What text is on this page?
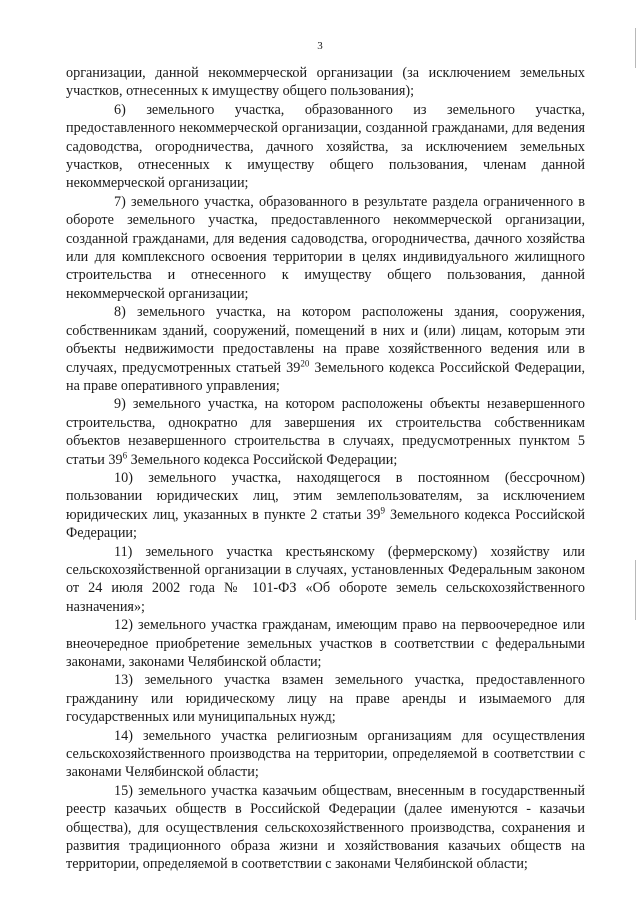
3

организации, данной некоммерческой организации (за исключением земельных участков, отнесенных к имуществу общего пользования);

6) земельного участка, образованного из земельного участка, предоставленного некоммерческой организации, созданной гражданами, для ведения садоводства, огородничества, дачного хозяйства, за исключением земельных участков, отнесенных к имуществу общего пользования, членам данной некоммерческой организации;

7) земельного участка, образованного в результате раздела ограниченного в обороте земельного участка, предоставленного некоммерческой организации, созданной гражданами, для ведения садоводства, огородничества, дачного хозяйства или для комплексного освоения территории в целях индивидуального жилищного строительства и отнесенного к имуществу общего пользования, данной некоммерческой организации;

8) земельного участка, на котором расположены здания, сооружения, собственникам зданий, сооружений, помещений в них и (или) лицам, которым эти объекты недвижимости предоставлены на праве хозяйственного ведения или в случаях, предусмотренных статьей $39^{20}$ Земельного кодекса Российской Федерации, на праве оперативного управления;

9) земельного участка, на котором расположены объекты незавершенного строительства, однократно для завершения их строительства собственникам объектов незавершенного строительства в случаях, предусмотренных пунктом 5 статьи $39^6$ Земельного кодекса Российской Федерации;

10) земельного участка, находящегося в постоянном (бессрочном) пользовании юридических лиц, этим землепользователям, за исключением юридических лиц, указанных в пункте 2 статьи $39^9$ Земельного кодекса Российской Федерации;

11) земельного участка крестьянскому (фермерскому) хозяйству или сельскохозяйственной организации в случаях, установленных Федеральным законом от 24 июля 2002 года № 101-ФЗ «Об обороте земель сельскохозяйственного назначения»;

12) земельного участка гражданам, имеющим право на первоочередное или внеочередное приобретение земельных участков в соответствии с федеральными законами, законами Челябинской области;

13) земельного участка взамен земельного участка, предоставленного гражданину или юридическому лицу на праве аренды и изымаемого для государственных или муниципальных нужд;

14) земельного участка религиозным организациям для осуществления сельскохозяйственного производства на территории, определяемой в соответствии с законами Челябинской области;

15) земельного участка казачьим обществам, внесенным в государственный реестр казачьих обществ в Российской Федерации (далее именуются - казачьи общества), для осуществления сельскохозяйственного производства, сохранения и развития традиционного образа жизни и хозяйствования казачьих обществ на территории, определяемой в соответствии с законами Челябинской области;
